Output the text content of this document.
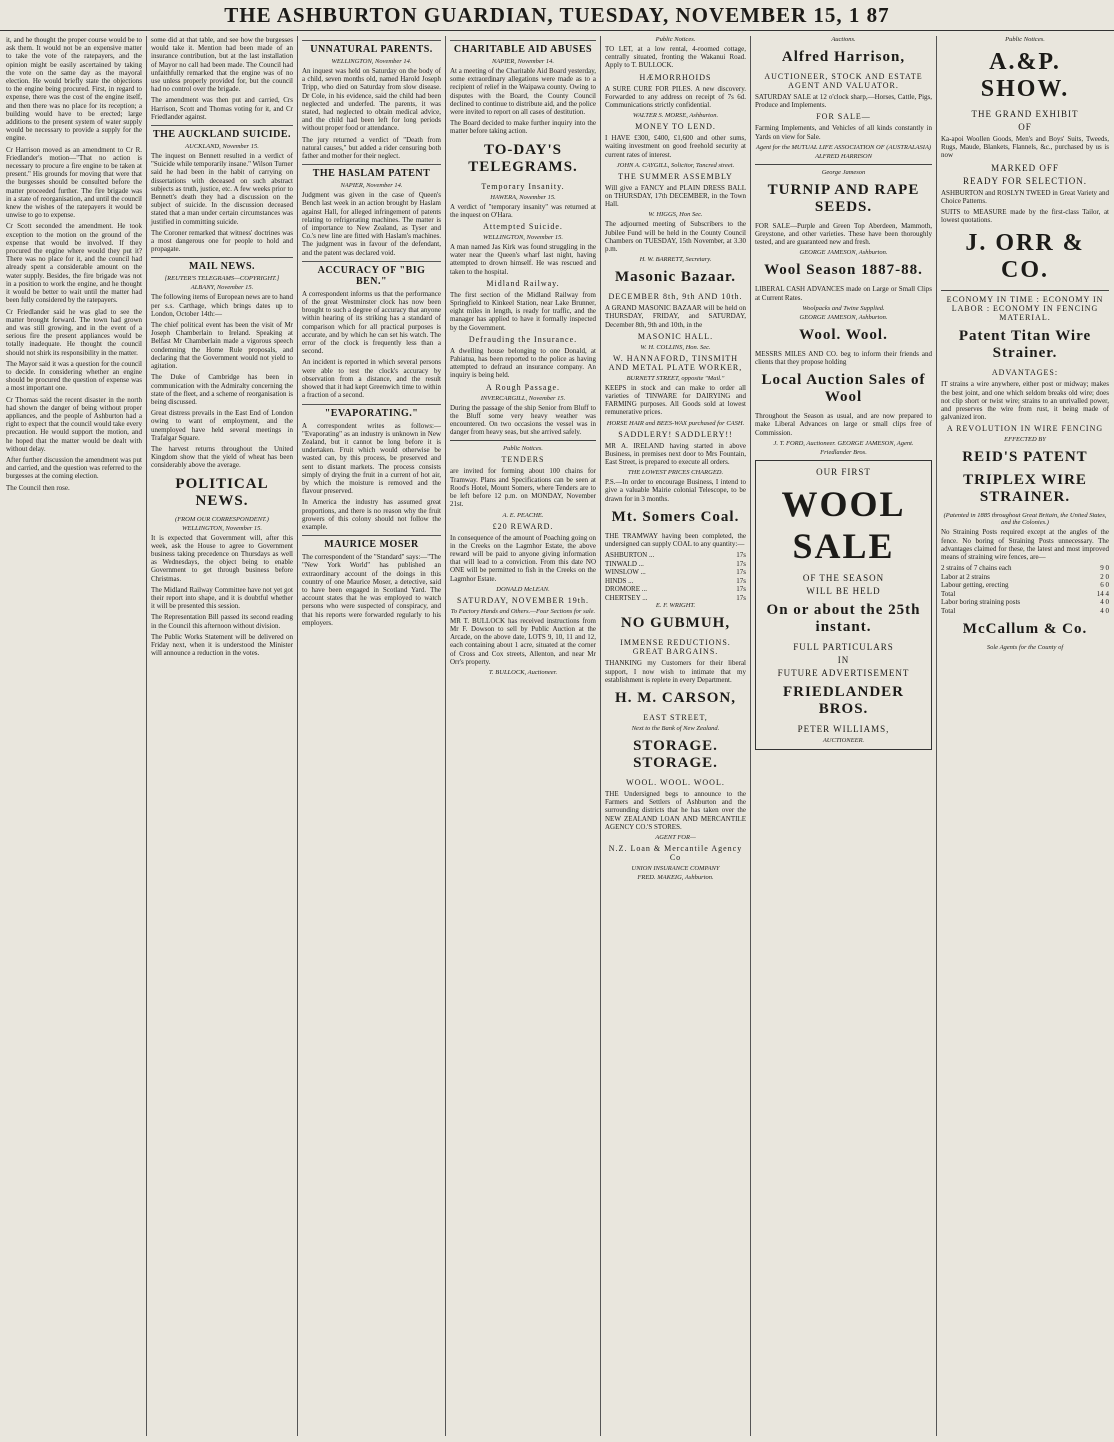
THE ASHBURTON GUARDIAN, TUESDAY, NOVEMBER 15, 1 87

it, and he thought the proper course would be to ask them. It would not be an expensive matter to take the vote of the ratepayers, and the opinion might be easily ascertained by taking the vote on the same day as the mayoral election. He would briefly state the objections to the engine being procured. First, in regard to expense, there was the cost of the engine itself, and then there was no place for its reception; a building would have to be erected; large additions to the present system of water supply would be necessary to provide a supply for the engine.

Cr Harrison moved as an amendment to Cr R. Friedlander's motion—"That no action is necessary to procure a fire engine to be taken at present." His grounds for moving that were that the burgesses should be consulted before the matter proceeded further. The fire brigade was in a state of reorganisation, and until the council knew the wishes of the ratepayers it would be unwise to go to expense.

Cr Scott seconded the amendment. He took exception to the motion on the ground of the expense that would be involved. If they procured the engine where would they put it? There was no place for it, and the council had already spent a considerable amount on the water supply. Besides, the fire brigade was not in a position to work the engine, and he thought it would be better to wait until the matter had been fully considered by the ratepayers.

Cr Friedlander said he was glad to see the matter brought forward. The town had grown and was still growing, and in the event of a serious fire the present appliances would be totally inadequate. He thought the council should not shirk its responsibility in the matter.

The Mayor said it was a question for the council to decide. In considering whether an engine should be procured the question of expense was a most important one.

Cr Thomas said the recent disaster in the north had shown the danger of being without proper appliances, and the people of Ashburton had a right to expect that the council would take every precaution. He would support the motion, and he hoped that the matter would be dealt with without delay.

After further discussion the amendment was put and carried, and the question was referred to the burgesses at the coming election.

The Council then rose.

some did at that table, and see how the burgesses would take it. Mention had been made of an insurance contribution, but at the last installation of Mayor no call had been made. The Council had unfaithfully remarked that the engine was of no use unless properly provided for, but the council had no control over the brigade.

The amendment was then put and carried, Crs Harrison, Scott and Thomas voting for it, and Cr Friedlander against.

THE AUCKLAND SUICIDE.
AUCKLAND, November 15.

The inquest on Bennett resulted in a verdict of "Suicide while temporarily insane." Wilson Turner said he had been in the habit of carrying on dissertations with deceased on such abstract subjects as truth, justice, etc. A few weeks prior to Bennett's death they had a discussion on the subject of suicide. In the discussion deceased stated that a man under certain circumstances was justified in committing suicide.

The Coroner remarked that witness' doctrines was a most dangerous one for people to hold and propagate.

MAIL NEWS.
[REUTER'S TELEGRAMS—COPYRIGHT.]
ALBANY, November 15.

The following items of European news are to hand per s.s. Carthage, which brings dates up to London, October 14th:—

The chief political event has been the visit of Mr Joseph Chamberlain to Ireland. Speaking at Belfast Mr Chamberlain made a vigorous speech condemning the Home Rule proposals, and declaring that the Government would not yield to agitation.

The Duke of Cambridge has been in communication with the Admiralty concerning the state of the fleet, and a scheme of reorganisation is being discussed.

Great distress prevails in the East End of London owing to want of employment, and the unemployed have held several meetings in Trafalgar Square.

The harvest returns throughout the United Kingdom show that the yield of wheat has been considerably above the average.

POLITICAL NEWS.
(FROM OUR CORRESPONDENT.)
WELLINGTON, November 15.

It is expected that Government will, after this week, ask the House to agree to Government business taking precedence on Thursdays as well as Wednesdays, the object being to enable Government to get through business before Christmas.

The Midland Railway Committee have not yet got their report into shape, and it is doubtful whether it will be presented this session.

The Representation Bill passed its second reading in the Council this afternoon without division.

The Public Works Statement will be delivered on Friday next, when it is understood the Minister will announce a reduction in the votes.

UNNATURAL PARENTS.
WELLINGTON, November 14.

An inquest was held on Saturday on the body of a child, seven months old, named Harold Joseph Tripp, who died on Saturday from slow disease. Dr Cole, in his evidence, said the child had been neglected and underfed. The parents, it was stated, had neglected to obtain medical advice, and the child had been left for long periods without proper food or attendance.

The jury returned a verdict of "Death from natural causes," but added a rider censuring both father and mother for their neglect.

THE HASLAM PATENT
NAPIER, November 14.

Judgment was given in the case of Queen's Bench last week in an action brought by Haslam against Hall, for alleged infringement of patents relating to refrigerating machines. The matter is of importance to New Zealand, as Tyser and Co.'s new line are fitted with Haslam's machines. The judgment was in favour of the defendant, and the patent was declared void.

ACCURACY OF "BIG BEN."

A correspondent informs us that the performance of the great Westminster clock has now been brought to such a degree of accuracy that anyone within hearing of its striking has a standard of comparison which for all practical purposes is accurate, and by which he can set his watch. The error of the clock is frequently less than a second.

An incident is reported in which several persons were able to test the clock's accuracy by observation from a distance, and the result showed that it had kept Greenwich time to within a fraction of a second.

"EVAPORATING."

A correspondent writes as follows:— "Evaporating" as an industry is unknown in New Zealand, but it cannot be long before it is undertaken. Fruit which would otherwise be wasted can, by this process, be preserved and sent to distant markets. The process consists simply of drying the fruit in a current of hot air, by which the moisture is removed and the flavour preserved.

In America the industry has assumed great proportions, and there is no reason why the fruit growers of this colony should not follow the example.

MAURICE MOSER

The correspondent of the "Standard" says:—"The "New York World" has published an extraordinary account of the doings in this country of one Maurice Moser, a detective, said to have been engaged in Scotland Yard. The account states that he was employed to watch persons who were suspected of conspiracy, and that his reports were forwarded regularly to his employers.

CHARITABLE AID ABUSES
NAPIER, November 14.

At a meeting of the Charitable Aid Board yesterday, some extraordinary allegations were made as to a recipient of relief in the Waipawa county. Owing to disputes with the Board, the County Council declined to continue to distribute aid, and the police were invited to report on all cases of destitution.

The Board decided to make further inquiry into the matter before taking action.

TO-DAY'S TELEGRAMS.
Temporary Insanity.
HAWERA, November 15.

A verdict of "temporary insanity" was returned at the inquest on O'Hara.

Attempted Suicide.
WELLINGTON, November 15.

A man named Jas Kirk was found struggling in the water near the Queen's wharf last night, having attempted to drown himself. He was rescued and taken to the hospital.

Midland Railway.

The first section of the Midland Railway from Springfield to Kinkeel Station, near Lake Brunner, eight miles in length, is ready for traffic, and the manager has applied to have it formally inspected by the Government.

Defrauding the Insurance.

A dwelling house belonging to one Donald, at Pahiatua, has been reported to the police as having attempted to defraud an insurance company. An inquiry is being held.

A Rough Passage.
INVERCARGILL, November 15.

During the passage of the ship Senior from Bluff to the Bluff some very heavy weather was encountered. On two occasions the vessel was in danger from heavy seas, but she arrived safely.

Public Notices.
TENDERS

are invited for forming about 100 chains for Tramway. Plans and Specifications can be seen at Rood's Hotel, Mount Somers, where Tenders are to be left before 12 p.m. on MONDAY, November 21st.

A. E. PEACHE.
£20 REWARD.

In consequence of the amount of Poaching going on in the Creeks on the Lagmhor Estate, the above reward will be paid to anyone giving information that will lead to a conviction. From this date NO ONE will be permitted to fish in the Creeks on the Lagmhor Estate.

DONALD McLEAN.
SATURDAY, NOVEMBER 19th.
To Factory Hands and Others.—Four Sections for sale.

MR T. BULLOCK has received instructions from Mr F. Dowson to sell by Public Auction at the Arcade, on the above date, LOTS 9, 10, 11 and 12, each containing about 1 acre, situated at the corner of Cross and Cox streets, Allenton, and near Mr Orr's property.

T. BULLOCK, Auctioneer.
Public Notices.

TO LET, at a low rental, 4-roomed cottage, centrally situated, fronting the Wakanui Road. Apply to T. BULLOCK.

HÆMORRHOIDS

A SURE CURE FOR PILES. A new discovery. Forwarded to any address on receipt of 7s 6d. Communications strictly confidential.

WALTER S. MORSE, Ashburton.
MONEY TO LEND.

I HAVE £300, £400, £1,600 and other sums, waiting investment on good freehold security at current rates of interest.

JOHN A. CAYGILL, Solicitor, Tancred street.
THE SUMMER ASSEMBLY

Will give a FANCY and PLAIN DRESS BALL on THURSDAY, 17th DECEMBER, in the Town Hall.

W. HIGGS, Hon Sec.

The adjourned meeting of Subscribers to the Jubilee Fund will be held in the County Council Chambers on TUESDAY, 15th November, at 3.30 p.m.

H. W. BARRETT, Secretary.
Masonic Bazaar.
DECEMBER 8th, 9th AND 10th.

A GRAND MASONIC BAZAAR will be held on THURSDAY, FRIDAY, and SATURDAY, December 8th, 9th and 10th, in the

MASONIC HALL.
W. H. COLLINS, Hon. Sec.
W. HANNAFORD, TINSMITH AND METAL PLATE WORKER,
BURNETT STREET, opposite "Mail."

KEEPS in stock and can make to order all varieties of TINWARE for DAIRYING and FARMING purposes. All Goods sold at lowest remunerative prices.

HORSE HAIR and BEES-WAX purchased for CASH.
SADDLERY! SADDLERY!!

MR A. IRELAND having started in above Business, in premises next door to Mrs Fountain, East Street, is prepared to execute all orders.

THE LOWEST PRICES CHARGED.

P.S.—In order to encourage Business, I intend to give a valuable Mairie colonial Telescope, to be drawn for in 3 months.

Mt. Somers Coal.

THE TRAMWAY having been completed, the undersigned can supply COAL to any quantity:—

ASHBURTON ...	17s
TINWALD ...	17s
WINSLOW ...	17s
HINDS ...	17s
DROMORE ...	17s
CHERTSEY ...	17s
E. F. WRIGHT.
NO GUBMUH,
IMMENSE REDUCTIONS. GREAT BARGAINS.

THANKING my Customers for their liberal support, I now wish to intimate that my establishment is replete in every Department.

H. M. CARSON,
EAST STREET,
Next to the Bank of New Zealand.
STORAGE. STORAGE.
WOOL. WOOL. WOOL.

THE Undersigned begs to announce to the Farmers and Settlers of Ashburton and the surrounding districts that he has taken over the NEW ZEALAND LOAN AND MERCANTILE AGENCY CO.'S STORES.

AGENT FOR—
N.Z. Loan & Mercantile Agency Co
UNION INSURANCE COMPANY
FRED. MAKEIG, Ashburton.
Auctions.
Alfred Harrison,
AUCTIONEER, STOCK AND ESTATE AGENT AND VALUATOR.

SATURDAY SALE at 12 o'clock sharp,—Horses, Cattle, Pigs, Produce and Implements.

FOR SALE—

Farming Implements, and Vehicles of all kinds constantly in Yards on view for Sale.

Agent for the MUTUAL LIFE ASSOCIATION OF (AUSTRALASIA)
ALFRED HARRISON
George Jameson
TURNIP AND RAPE SEEDS.

FOR SALE—Purple and Green Top Aberdeen, Mammoth, Greystone, and other varieties. These have been thoroughly tested, and are guaranteed new and fresh.

GEORGE JAMESON, Ashburton.
Wool Season 1887-88.

LIBERAL CASH ADVANCES made on Large or Small Clips at Current Rates.

Woolpacks and Twine Supplied.
GEORGE JAMESON, Ashburton.
Wool. Wool.

MESSRS MILES AND CO. beg to inform their friends and clients that they propose holding

Local Auction Sales of Wool

Throughout the Season as usual, and are now prepared to make Liberal Advances on large or small clips free of Commission.

J. T. FORD, Auctioneer. GEORGE JAMESON, Agent.
Friedlander Bros.
OUR FIRST
WOOL SALE
OF THE SEASON
WILL BE HELD
On or about the 25th instant.
FULL PARTICULARS
IN
FUTURE ADVERTISEMENT
FRIEDLANDER BROS.
PETER WILLIAMS,
AUCTIONEER.
Public Notices.
A.&P. SHOW.
THE GRAND EXHIBIT
OF

Ka-apoi Woollen Goods, Men's and Boys' Suits, Tweeds, Rugs, Maude, Blankets, Flannels, &c., purchased by us is now

MARKED OFF
READY FOR SELECTION.

ASHBURTON and ROSLYN TWEED in Great Variety and Choice Patterns.

SUITS to MEASURE made by the first-class Tailor, at lowest quotations.

J. ORR & CO.
ECONOMY IN TIME : ECONOMY IN LABOR : ECONOMY IN FENCING MATERIAL.
Patent Titan Wire Strainer.
ADVANTAGES:

IT strains a wire anywhere, either post or midway; makes the best joint, and one which seldom breaks old wire; does not clip short or twist wire; strains to an unrivalled power, and preserves the wire from rust, it being made of galvanized iron.

A REVOLUTION IN WIRE FENCING
EFFECTED BY
REID'S PATENT
TRIPLEX WIRE STRAINER.
(Patented in 1885 throughout Great Britain, the United States, and the Colonies.)

No Straining Posts required except at the angles of the fence. No boring of Straining Posts unnecessary. The advantages claimed for these, the latest and most improved means of straining wire fences, are—

2 strains of 7 chains each	9 0
Labor at 2 strains	2 0
Labour getting, erecting	6 0
Total	14 4
Labor boring straining posts	4 0
Total	4 0
McCallum & Co.
Sole Agents for the County of
